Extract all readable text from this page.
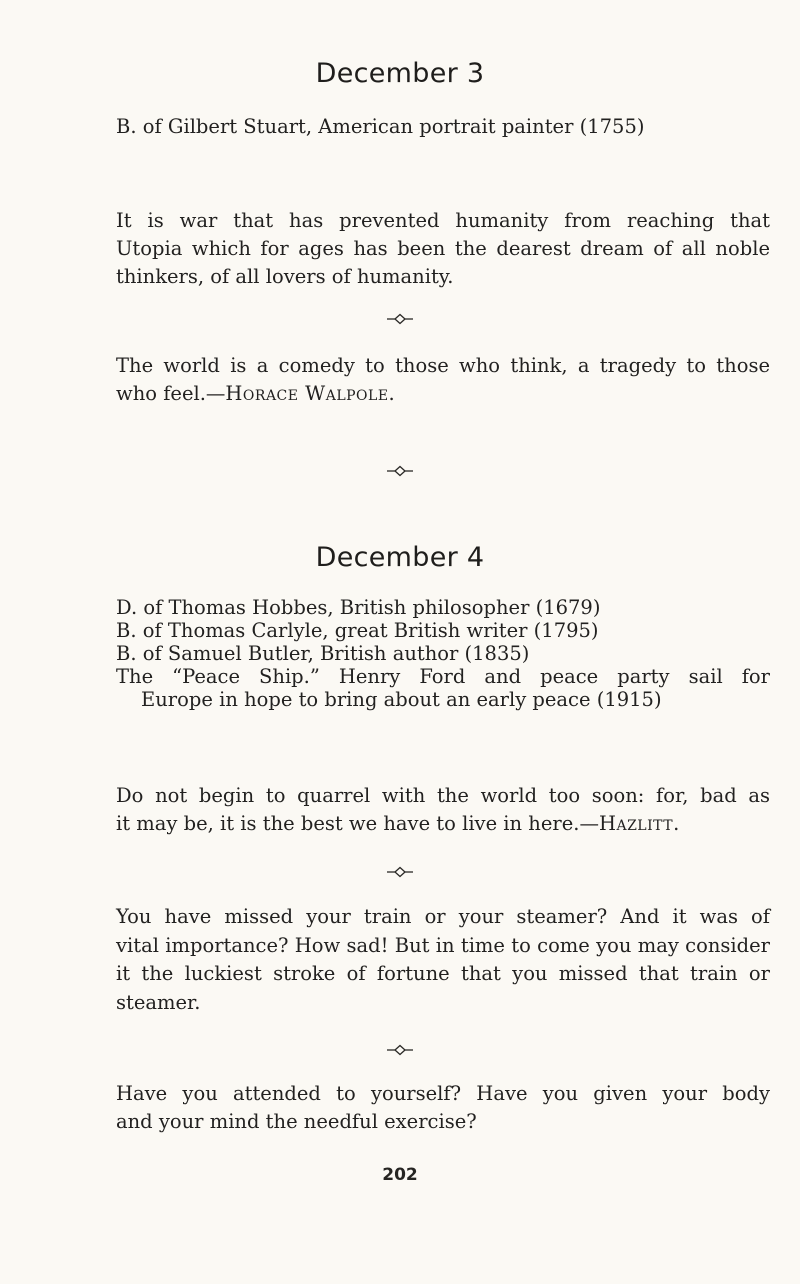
December 3
B. of Gilbert Stuart, American portrait painter (1755)
It is war that has prevented humanity from reaching that
Utopia which for ages has been the dearest dream of all noble
thinkers, of all lovers of humanity.
The world is a comedy to those who think, a tragedy to those
who feel.—Horace Walpole.
December 4
D. of Thomas Hobbes, British philosopher (1679)
B. of Thomas Carlyle, great British writer (1795)
B. of Samuel Butler, British author (1835)
The “Peace Ship.” Henry Ford and peace party sail for
Europe in hope to bring about an early peace (1915)
Do not begin to quarrel with the world too soon: for, bad as
it may be, it is the best we have to live in here.—Hazlitt.
You have missed your train or your steamer? And it was of
vital importance? How sad! But in time to come you may consider
it the luckiest stroke of fortune that you missed that train or
steamer.
Have you attended to yourself? Have you given your body
and your mind the needful exercise?
202
